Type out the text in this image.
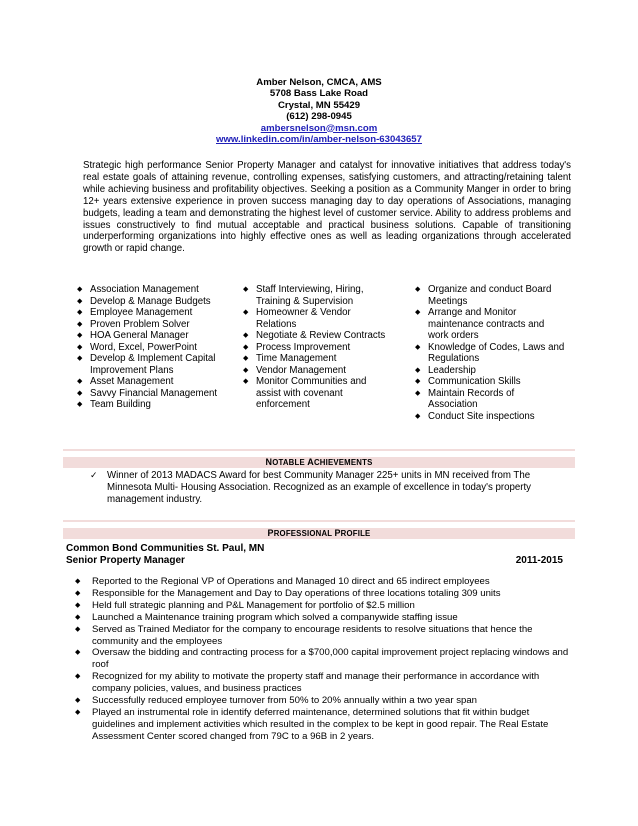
Amber Nelson, CMCA, AMS
5708 Bass Lake Road
Crystal, MN 55429
(612) 298-0945
ambersnelson@msn.com
www.linkedin.com/in/amber-nelson-63043657
Strategic high performance Senior Property Manager and catalyst for innovative initiatives that address today's real estate goals of attaining revenue, controlling expenses, satisfying customers, and attracting/retaining talent while achieving business and profitability objectives. Seeking a position as a Community Manger in order to bring 12+ years extensive experience in proven success managing day to day operations of Associations, managing budgets, leading a team and demonstrating the highest level of customer service. Ability to address problems and issues constructively to find mutual acceptable and practical business solutions. Capable of transitioning underperforming organizations into highly effective ones as well as leading organizations through accelerated growth or rapid change.
◆ Association Management
◆ Develop & Manage Budgets
◆ Employee Management
◆ Proven Problem Solver
◆ HOA General Manager
◆ Word, Excel, PowerPoint
◆ Develop & Implement Capital Improvement Plans
◆ Asset Management
◆ Savvy Financial Management
◆ Team Building
◆ Staff Interviewing, Hiring, Training & Supervision
◆ Homeowner & Vendor Relations
◆ Negotiate & Review Contracts
◆ Process Improvement
◆ Time Management
◆ Vendor Management
◆ Monitor Communities and assist with covenant enforcement
◆ Organize and conduct Board Meetings
◆ Arrange and Monitor maintenance contracts and work orders
◆ Knowledge of Codes, Laws and Regulations
◆ Leadership
◆ Communication Skills
◆ Maintain Records of Association
◆ Conduct Site inspections
NOTABLE ACHIEVEMENTS
✓ Winner of 2013 MADACS Award for best Community Manager 225+ units in MN received from The Minnesota Multi- Housing Association. Recognized as an example of excellence in today's property management industry.
PROFESSIONAL PROFILE
Common Bond Communities St. Paul, MN
Senior Property Manager	2011-2015
◆ Reported to the Regional VP of Operations and Managed 10 direct and 65 indirect employees
◆ Responsible for the Management and Day to Day operations of three locations totaling 309 units
◆ Held full strategic planning and P&L Management for portfolio of $2.5 million
◆ Launched a Maintenance training program which solved a companywide staffing issue
◆ Served as Trained Mediator for the company to encourage residents to resolve situations that hence the community and the employees
◆ Oversaw the bidding and contracting process for a $700,000 capital improvement project replacing windows and roof
◆ Recognized for my ability to motivate the property staff and manage their performance in accordance with company policies, values, and business practices
◆ Successfully reduced employee turnover from 50% to 20% annually within a two year span
◆ Played an instrumental role in identify deferred maintenance, determined solutions that fit within budget guidelines and implement activities which resulted in the complex to be kept in good repair. The Real Estate Assessment Center scored changed from 79C to a 96B in 2 years.
